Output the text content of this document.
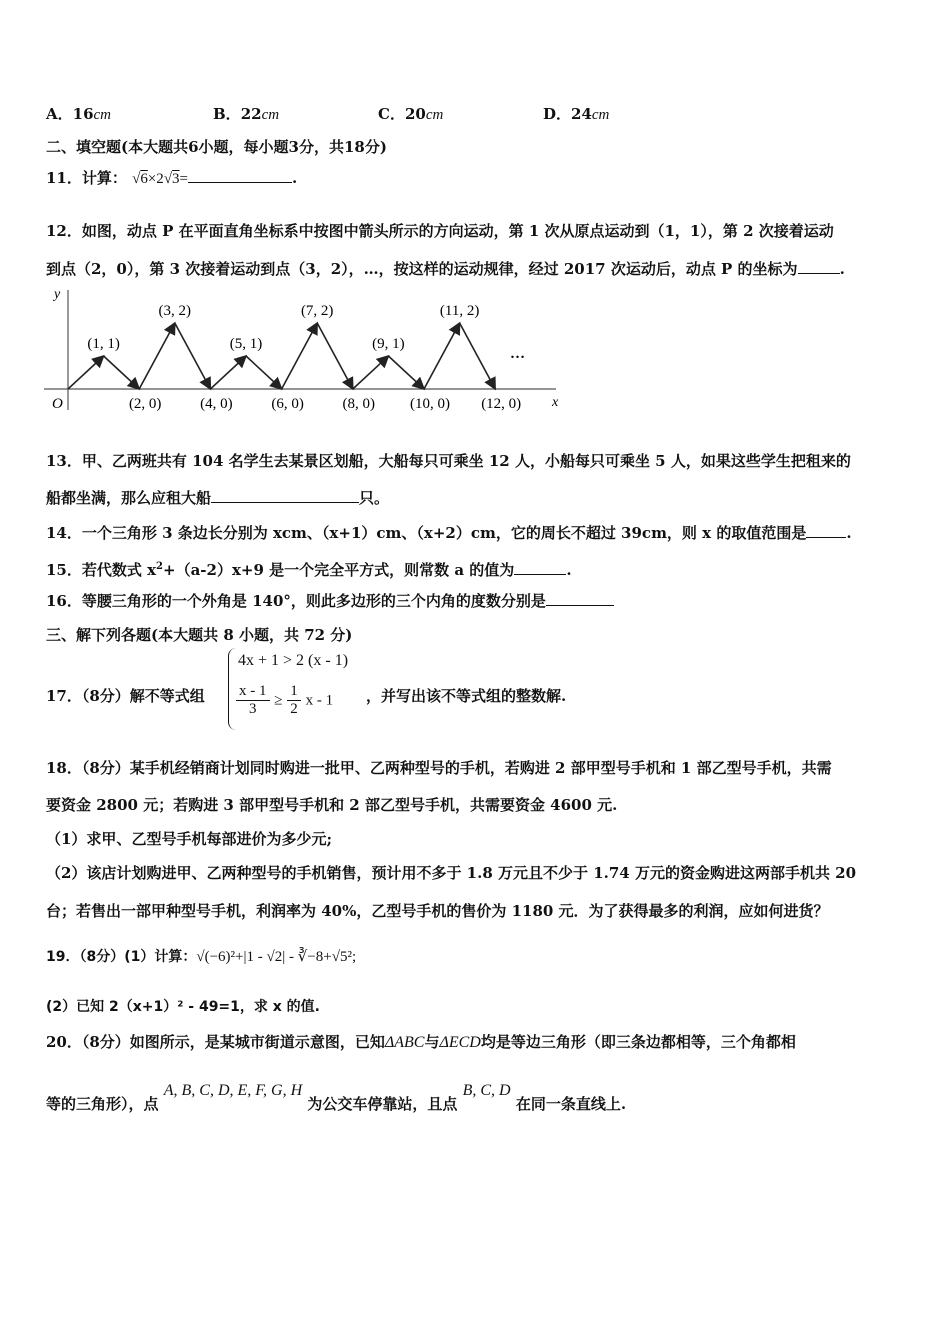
A．16cm	B．22cm	C．20cm	D．24cm
二、填空题(本大题共6小题，每小题3分，共18分)
11．计算： √6×2√3=	.
12．如图，动点 P 在平面直角坐标系中按图中箭头所示的方向运动，第 1 次从原点运动到（1，1），第 2 次接着运动
到点（2，0），第 3 次接着运动到点（3，2），…，按这样的运动规律，经过 2017 次运动后，动点 P 的坐标为	.
y
x
O
(1, 1)
(3, 2)
(5, 1)
(7, 2)
(9, 1)
(11, 2)
(2, 0)	(4, 0)	(6, 0)	(8, 0) (10, 0) (12, 0)
…
13．甲、乙两班共有 104 名学生去某景区划船，大船每只可乘坐 12 人，小船每只可乘坐 5 人，如果这些学生把租来的
船都坐满，那么应租大船	只。
14．一个三角形 3 条边长分别为 xcm、（x+1）cm、（x+2）cm，它的周长不超过 39cm，则 x 的取值范围是	.
15．若代数式 $x^2+(a-2)x+9$ 是一个完全平方式，则常数 a 的值为	.
16．等腰三角形的一个外角是 140°，则此多边形的三个内角的度数分别是
三、解下列各题(本大题共 8 小题，共 72 分)
17．（8分）解不等式组
4x + 1 > 2 (x - 1)
$\frac{x - 1}{3} \ge \frac{1}{2}$ x - 1 ，并写出该不等式组的整数解.
18．（8分）某手机经销商计划同时购进一批甲、乙两种型号的手机，若购进 2 部甲型号手机和 1 部乙型号手机，共需
要资金 2800 元；若购进 3 部甲型号手机和 2 部乙型号手机，共需要资金 4600 元.
（1）求甲、乙型号手机每部进价为多少元;
（2）该店计划购进甲、乙两种型号的手机销售，预计用不多于 1.8 万元且不少于 1.74 万元的资金购进这两部手机共 20
台；若售出一部甲种型号手机，利润率为 40%，乙型号手机的售价为 1180 元．为了获得最多的利润，应如何进货？
19．（8分）(1）计算：√(−6)²+|1 - √2| - ∛−8+√5²;
(2）已知 2（x+1）² - 49=1，求 x 的值.
20．（8分）如图所示，是某城市街道示意图，已知ΔABC与ΔECD均是等边三角形（即三条边都相等，三个角都相
等的三角形），点 A, B, C, D, E, F, G, H 为公交车停靠站，且点 B, C, D 在同一条直线上.
